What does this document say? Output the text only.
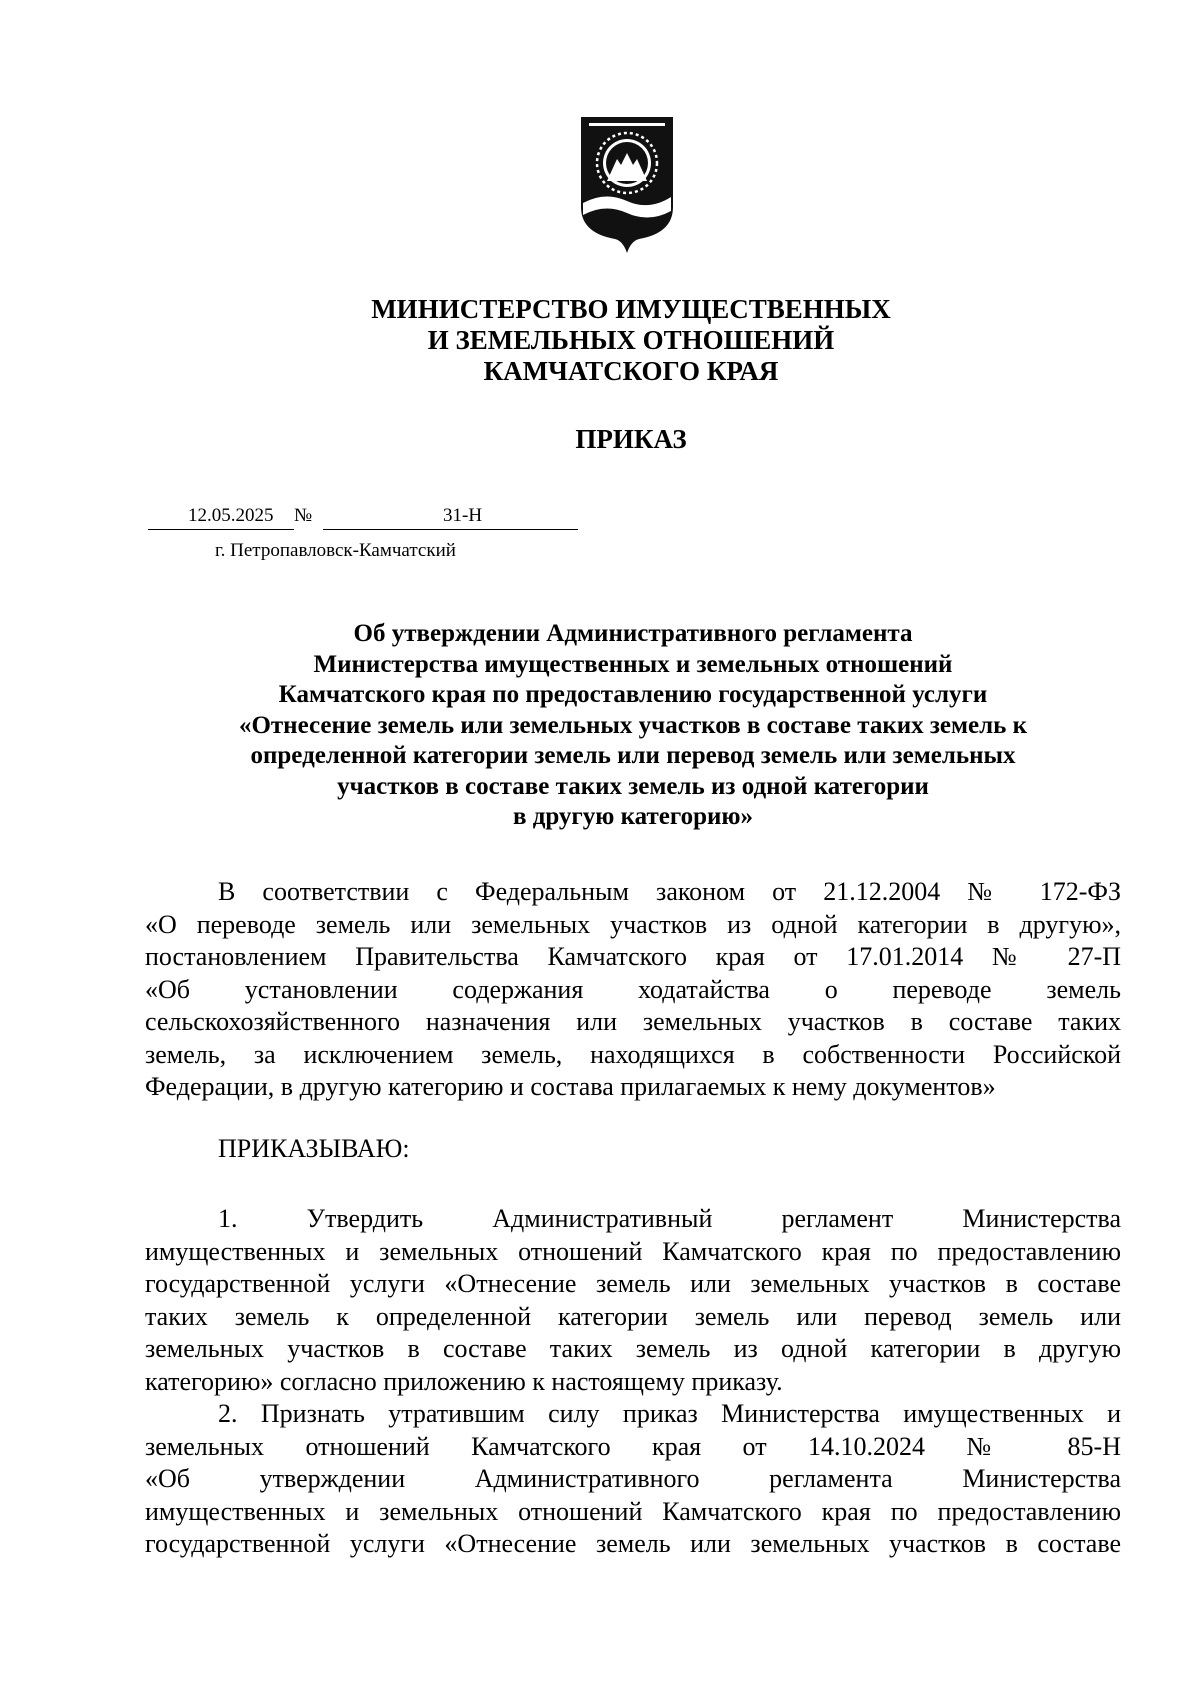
МИНИСТЕРСТВО ИМУЩЕСТВЕННЫХ
И ЗЕМЕЛЬНЫХ ОТНОШЕНИЙ
КАМЧАТСКОГО КРАЯ
ПРИКАЗ
12.05.2025 №	31-Н
г. Петропавловск-Камчатский
Об утверждении Административного регламента
Министерства имущественных и земельных отношений
Камчатского края по предоставлению государственной услуги
«Отнесение земель или земельных участков в составе таких земель к
определенной категории земель или перевод земель или земельных
участков в составе таких земель из одной категории
в другую категорию»
В соответствии с Федеральным законом от 21.12.2004 № 172-ФЗ
«О переводе земель или земельных участков из одной категории в другую»,
постановлением Правительства Камчатского края от 17.01.2014 № 27-П
«Об установлении содержания ходатайства о переводе земель
сельскохозяйственного назначения или земельных участков в составе таких
земель, за исключением земель, находящихся в собственности Российской
Федерации, в другую категорию и состава прилагаемых к нему документов»
ПРИКАЗЫВАЮ:
1. Утвердить Административный регламент Министерства
имущественных и земельных отношений Камчатского края по предоставлению
государственной услуги «Отнесение земель или земельных участков в составе
таких земель к определенной категории земель или перевод земель или
земельных участков в составе таких земель из одной категории в другую
категорию» согласно приложению к настоящему приказу.
2. Признать утратившим силу приказ Министерства имущественных и
земельных отношений Камчатского края от 14.10.2024 № 85-Н
«Об утверждении Административного регламента Министерства
имущественных и земельных отношений Камчатского края по предоставлению
государственной услуги «Отнесение земель или земельных участков в составе
